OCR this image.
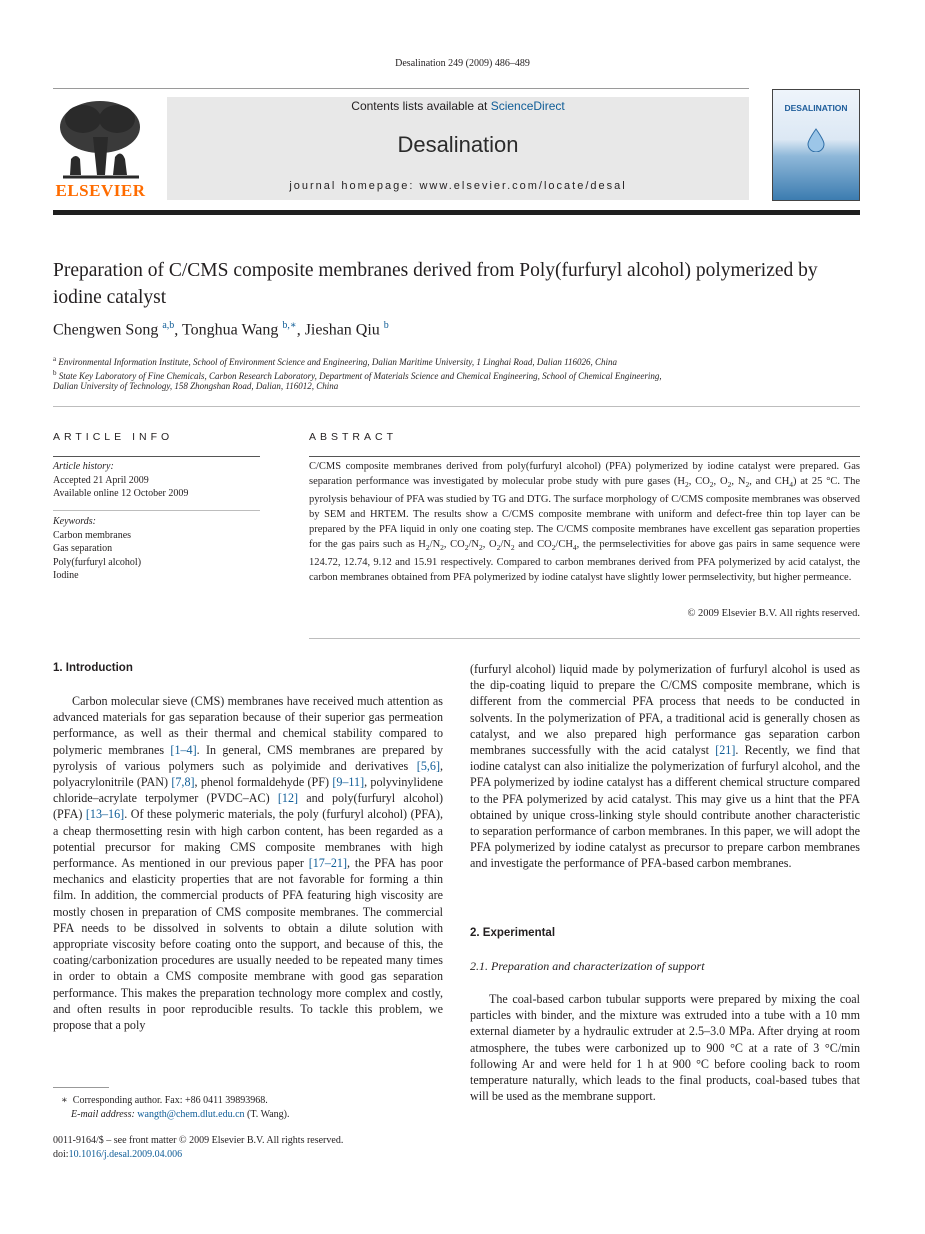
Desalination 249 (2009) 486–489
Contents lists available at ScienceDirect
Desalination
journal homepage: www.elsevier.com/locate/desal
ELSEVIER
DESALINATION
Preparation of C/CMS composite membranes derived from Poly(furfuryl alcohol) polymerized by iodine catalyst
Chengwen Song $^{a,b}$, Tonghua Wang $^{b,∗}$, Jieshan Qiu $^b$
$^a$ Environmental Information Institute, School of Environment Science and Engineering, Dalian Maritime University, 1 Linghai Road, Dalian 116026, China
$^b$ State Key Laboratory of Fine Chemicals, Carbon Research Laboratory, Department of Materials Science and Chemical Engineering, School of Chemical Engineering,
Dalian University of Technology, 158 Zhongshan Road, Dalian, 116012, China
ARTICLE INFO
Article history:
Accepted 21 April 2009
Available online 12 October 2009
Keywords:
Carbon membranes
Gas separation
Poly(furfuryl alcohol)
Iodine
ABSTRACT
C/CMS composite membranes derived from poly(furfuryl alcohol) (PFA) polymerized by iodine catalyst were prepared. Gas separation performance was investigated by molecular probe study with pure gases ($H_2$, $CO_2$, $O_2$, $N_2$, and $CH_4$) at 25 °C. The pyrolysis behaviour of PFA was studied by TG and DTG. The surface morphology of C/CMS composite membranes was observed by SEM and HRTEM. The results show a C/CMS composite membrane with uniform and defect-free thin top layer can be prepared by the PFA liquid in only one coating step. The C/CMS composite membranes have excellent gas separation properties for the gas pairs such as $H_2/N_2$, $CO_2/N_2$, $O_2/N_2$ and $CO_2/CH_4$, the permselectivities for above gas pairs in same sequence were 124.72, 12.74, 9.12 and 15.91 respectively. Compared to carbon membranes derived from PFA polymerized by acid catalyst, the carbon membranes obtained from PFA polymerized by iodine catalyst have slightly lower permselectivity, but higher permeance.
© 2009 Elsevier B.V. All rights reserved.
1. Introduction

Carbon molecular sieve (CMS) membranes have received much attention as advanced materials for gas separation because of their superior gas permeation performance, as well as their thermal and chemical stability compared to polymeric membranes [1–4]. In general, CMS membranes are prepared by pyrolysis of various polymers such as polyimide and derivatives [5,6], polyacrylonitrile (PAN) [7,8], phenol formaldehyde (PF) [9–11], polyvinylidene chloride–acrylate terpolymer (PVDC–AC) [12] and poly(furfuryl alcohol) (PFA) [13–16]. Of these polymeric materials, the poly (furfuryl alcohol) (PFA), a cheap thermosetting resin with high carbon content, has been regarded as a potential precursor for making CMS composite membranes with high performance. As mentioned in our previous paper [17–21], the PFA has poor mechanics and elasticity properties that are not favorable for forming a thin film. In addition, the commercial products of PFA featuring high viscosity are mostly chosen in preparation of CMS composite membranes. The commercial PFA needs to be dissolved in solvents to obtain a dilute solution with appropriate viscosity before coating onto the support, and because of this, the coating/carbonization procedures are usually needed to be repeated many times in order to obtain a CMS composite membrane with good gas separation performance. This makes the preparation technology more complex and costly, and often results in poor reproducible results. To tackle this problem, we propose that a poly

∗ Corresponding author. Fax: +86 0411 39893968.
E-mail address: wangth@chem.dlut.edu.cn (T. Wang).
0011-9164/$ – see front matter © 2009 Elsevier B.V. All rights reserved.
doi:10.1016/j.desal.2009.04.006

(furfuryl alcohol) liquid made by polymerization of furfuryl alcohol is used as the dip-coating liquid to prepare the C/CMS composite membrane, which is different from the commercial PFA process that needs to be conducted in solvents. In the polymerization of PFA, a traditional acid is generally chosen as catalyst, and we also prepared high performance gas separation carbon membranes successfully with the acid catalyst [21]. Recently, we find that iodine catalyst can also initialize the polymerization of furfuryl alcohol, and the PFA polymerized by iodine catalyst has a different chemical structure compared to the PFA polymerized by acid catalyst. This may give us a hint that the PFA obtained by unique cross-linking style should contribute another characteristic to separation performance of carbon membranes. In this paper, we will adopt the PFA polymerized by iodine catalyst as precursor to prepare carbon membranes and investigate the performance of PFA-based carbon membranes.

2. Experimental
2.1. Preparation and characterization of support

The coal-based carbon tubular supports were prepared by mixing the coal particles with binder, and the mixture was extruded into a tube with a 10 mm external diameter by a hydraulic extruder at 2.5–3.0 MPa. After drying at room atmosphere, the tubes were carbonized up to 900 °C at a rate of 3 °C/min following Ar and were held for 1 h at 900 °C before cooling back to room temperature naturally, which leads to the final products, coal-based tubes that will be used as the membrane support.
